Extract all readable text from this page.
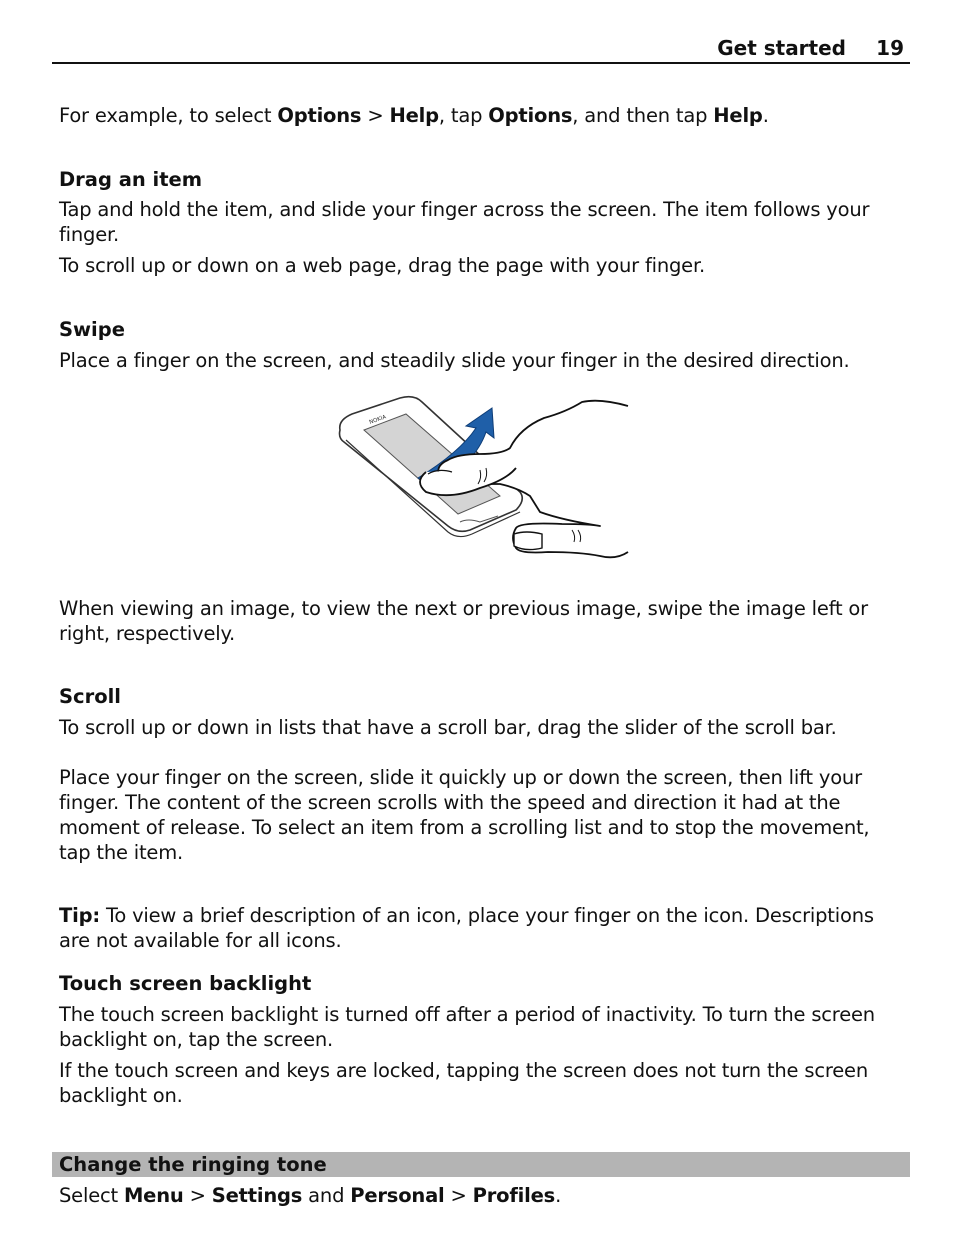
Get started 19
For example, to select Options > Help, tap Options, and then tap Help.
Drag an item
Tap and hold the item, and slide your finger across the screen. The item follows your finger.
To scroll up or down on a web page, drag the page with your finger.
Swipe
Place a finger on the screen, and steadily slide your finger in the desired direction.
NOKIA
When viewing an image, to view the next or previous image, swipe the image left or right, respectively.
Scroll
To scroll up or down in lists that have a scroll bar, drag the slider of the scroll bar.
Place your finger on the screen, slide it quickly up or down the screen, then lift your finger. The content of the screen scrolls with the speed and direction it had at the moment of release. To select an item from a scrolling list and to stop the movement, tap the item.
Tip: To view a brief description of an icon, place your finger on the icon. Descriptions are not available for all icons.
Touch screen backlight
The touch screen backlight is turned off after a period of inactivity. To turn the screen backlight on, tap the screen.
If the touch screen and keys are locked, tapping the screen does not turn the screen backlight on.
Change the ringing tone
Select Menu > Settings and Personal > Profiles.
